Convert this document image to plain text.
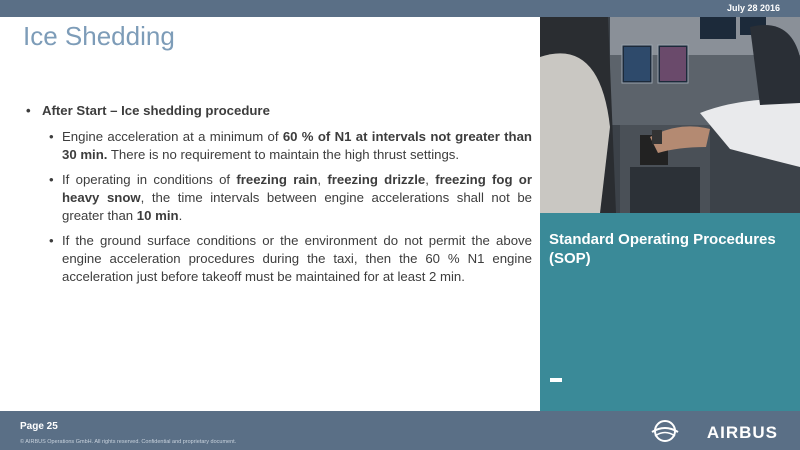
July 28 2016
Ice Shedding
• After Start – Ice shedding procedure
• Engine acceleration at a minimum of 60 % of N1 at intervals not greater than 30 min. There is no requirement to maintain the high thrust settings.
• If operating in conditions of freezing rain, freezing drizzle, freezing fog or heavy snow, the time intervals between engine accelerations shall not be greater than 10 min.
• If the ground surface conditions or the environment do not permit the above engine acceleration procedures during the taxi, then the 60 % N1 engine acceleration just before takeoff must be maintained for at least 2 min.
Standard Operating Procedures (SOP)
Page 25
© AIRBUS Operations GmbH. All rights reserved. Confidential and proprietary document.	AIRBUS
